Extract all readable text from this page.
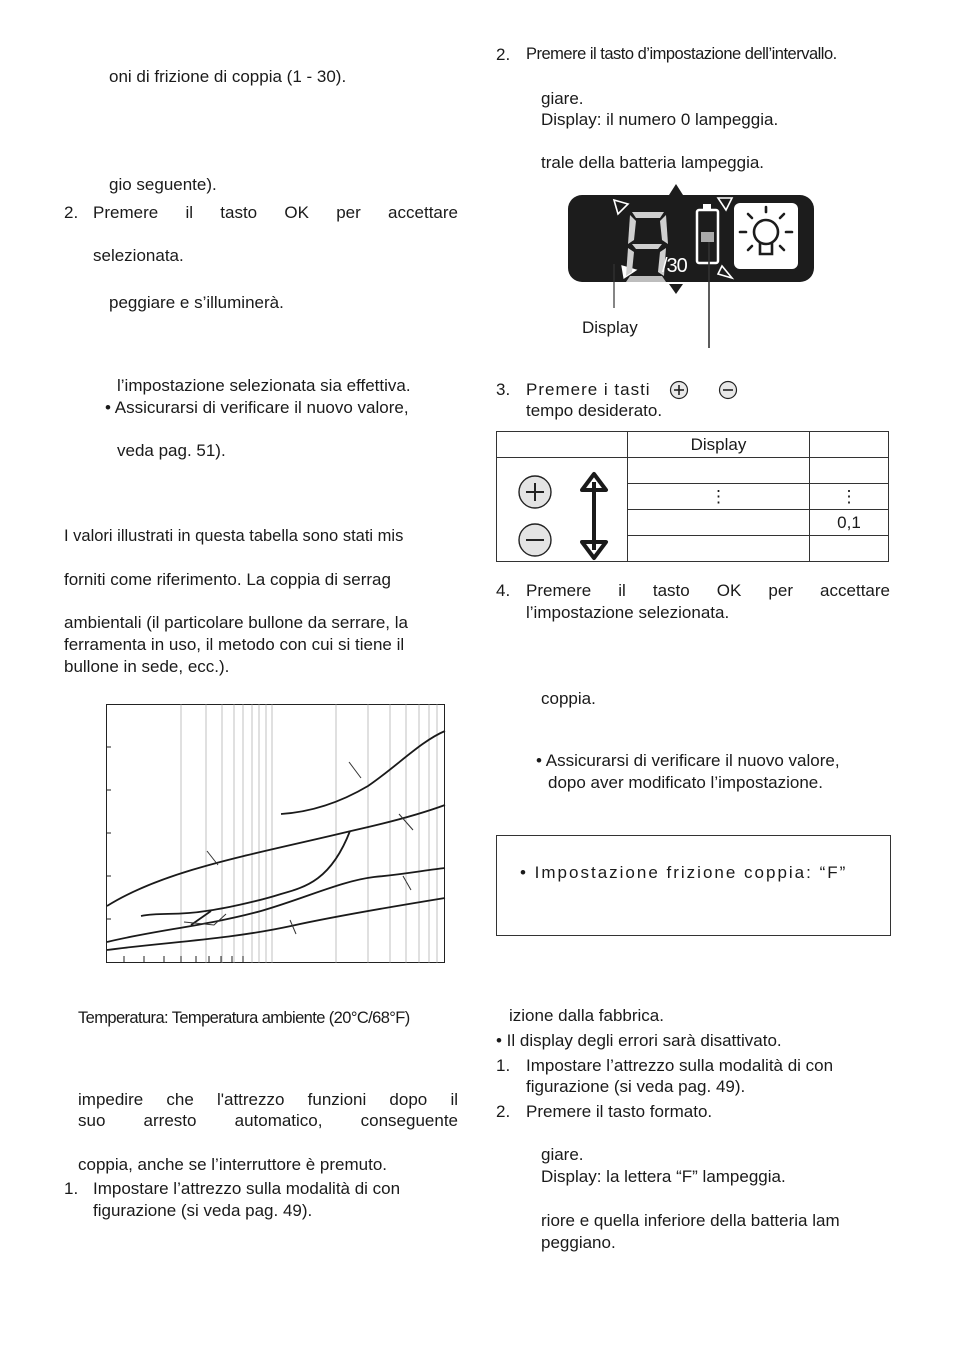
oni di frizione di coppia (1 - 30).
gio seguente).
2. Premere il tasto OK per accettare
selezionata.
peggiare e s’illuminerà.
l’impostazione selezionata sia effettiva.
• Assicurarsi di verificare il nuovo valore,
veda pag. 51).
I valori illustrati in questa tabella sono stati mis
forniti come riferimento. La coppia di serrag
ambientali (il particolare bullone da serrare, la
ferramenta in uso, il metodo con cui si tiene il
bullone in sede, ecc.).
Temperatura: Temperatura ambiente (20°C/68°F)
impedire che l'attrezzo funzioni dopo il
suo arresto automatico, conseguente
coppia, anche se l’interruttore è premuto.
1. Impostare l’attrezzo sulla modalità di con
figurazione (si veda pag. 49).
2. Premere il tasto d’impostazione dell’intervallo.
giare.
Display: il numero 0 lampeggia.
trale della batteria lampeggia.
/30
Display
3. Premere i tasti
tempo desiderato.
	Display	

	⋮	⋮
		0,1

4. Premere il tasto OK per accettare
l’impostazione selezionata.
coppia.
• Assicurarsi di verificare il nuovo valore,
dopo aver modificato l’impostazione.
• Impostazione frizione coppia: “F”
izione dalla fabbrica.
• Il display degli errori sarà disattivato.
1. Impostare l’attrezzo sulla modalità di con
figurazione (si veda pag. 49).
2. Premere il tasto formato.
giare.
Display: la lettera “F” lampeggia.
riore e quella inferiore della batteria lam
peggiano.
